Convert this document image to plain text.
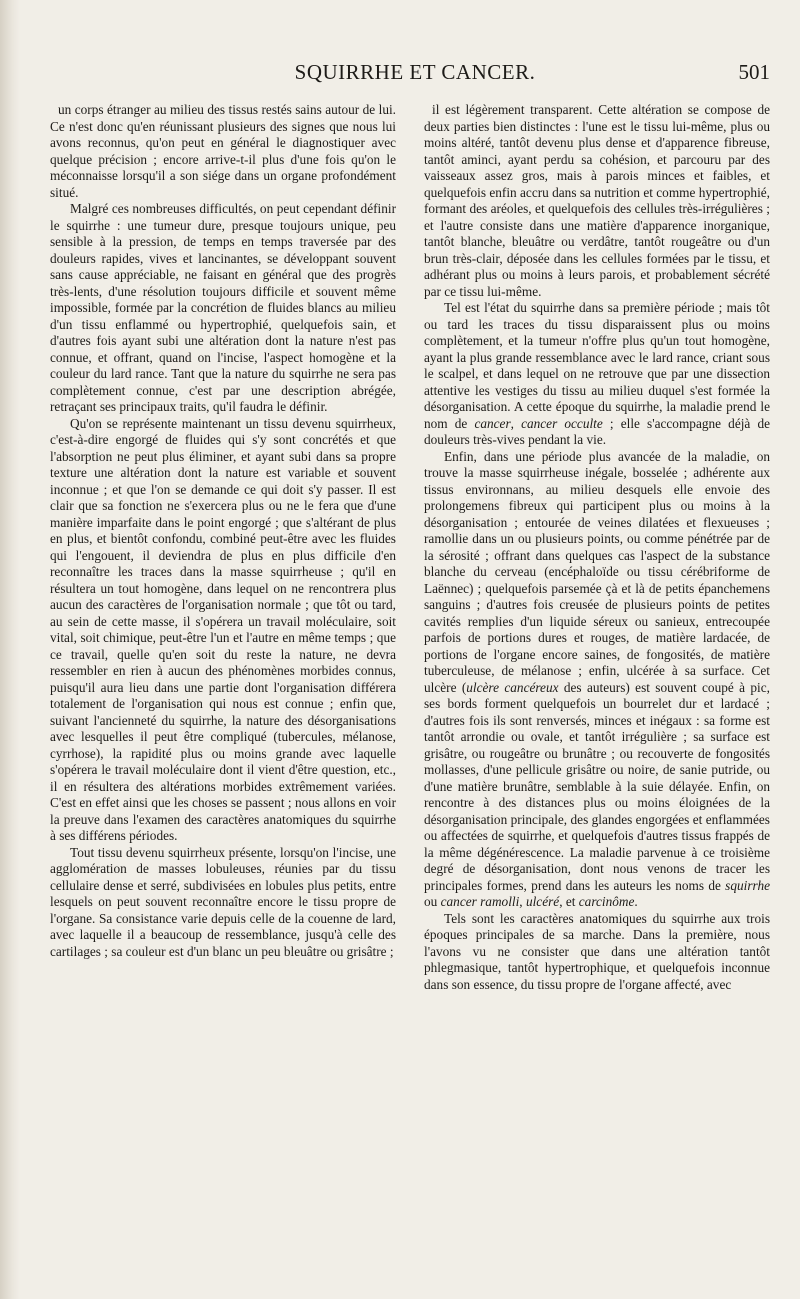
SQUIRRHE ET CANCER.	501

un corps étranger au milieu des tissus restés sains autour de lui. Ce n'est donc qu'en réunissant plusieurs des signes que nous lui avons reconnus, qu'on peut en général le diagnostiquer avec quelque précision ; encore arrive-t-il plus d'une fois qu'on le méconnaisse lorsqu'il a son siége dans un organe profondément situé.

Malgré ces nombreuses difficultés, on peut cependant définir le squirrhe : une tumeur dure, presque toujours unique, peu sensible à la pression, de temps en temps traversée par des douleurs rapides, vives et lancinantes, se développant souvent sans cause appréciable, ne faisant en général que des progrès très-lents, d'une résolution toujours difficile et souvent même impossible, formée par la concrétion de fluides blancs au milieu d'un tissu enflammé ou hypertrophié, quelquefois sain, et d'autres fois ayant subi une altération dont la nature n'est pas connue, et offrant, quand on l'incise, l'aspect homogène et la couleur du lard rance. Tant que la nature du squirrhe ne sera pas complètement connue, c'est par une description abrégée, retraçant ses principaux traits, qu'il faudra le définir.

Qu'on se représente maintenant un tissu devenu squirrheux, c'est-à-dire engorgé de fluides qui s'y sont concrétés et que l'absorption ne peut plus éliminer, et ayant subi dans sa propre texture une altération dont la nature est variable et souvent inconnue ; et que l'on se demande ce qui doit s'y passer. Il est clair que sa fonction ne s'exercera plus ou ne le fera que d'une manière imparfaite dans le point engorgé ; que s'altérant de plus en plus, et bientôt confondu, combiné peut-être avec les fluides qui l'engouent, il deviendra de plus en plus difficile d'en reconnaître les traces dans la masse squirrheuse ; qu'il en résultera un tout homogène, dans lequel on ne rencontrera plus aucun des caractères de l'organisation normale ; que tôt ou tard, au sein de cette masse, il s'opérera un travail moléculaire, soit vital, soit chimique, peut-être l'un et l'autre en même temps ; que ce travail, quelle qu'en soit du reste la nature, ne devra ressembler en rien à aucun des phénomènes morbides connus, puisqu'il aura lieu dans une partie dont l'organisation différera totalement de l'organisation qui nous est connue ; enfin que, suivant l'ancienneté du squirrhe, la nature des désorganisations avec lesquelles il peut être compliqué (tubercules, mélanose, cyrrhose), la rapidité plus ou moins grande avec laquelle s'opérera le travail moléculaire dont il vient d'être question, etc., il en résultera des altérations morbides extrêmement variées. C'est en effet ainsi que les choses se passent ; nous allons en voir la preuve dans l'examen des caractères anatomiques du squirrhe à ses différens périodes.

Tout tissu devenu squirrheux présente, lorsqu'on l'incise, une agglomération de masses lobuleuses, réunies par du tissu cellulaire dense et serré, subdivisées en lobules plus petits, entre lesquels on peut souvent reconnaître encore le tissu propre de l'organe. Sa consistance varie depuis celle de la couenne de lard, avec laquelle il a beaucoup de ressemblance, jusqu'à celle des cartilages ; sa couleur est d'un blanc un peu bleuâtre ou grisâtre ;

il est légèrement transparent. Cette altération se compose de deux parties bien distinctes : l'une est le tissu lui-même, plus ou moins altéré, tantôt devenu plus dense et d'apparence fibreuse, tantôt aminci, ayant perdu sa cohésion, et parcouru par des vaisseaux assez gros, mais à parois minces et faibles, et quelquefois enfin accru dans sa nutrition et comme hypertrophié, formant des aréoles, et quelquefois des cellules très-irrégulières ; et l'autre consiste dans une matière d'apparence inorganique, tantôt blanche, bleuâtre ou verdâtre, tantôt rougeâtre ou d'un brun très-clair, déposée dans les cellules formées par le tissu, et adhérant plus ou moins à leurs parois, et probablement sécrété par ce tissu lui-même.

Tel est l'état du squirrhe dans sa première période ; mais tôt ou tard les traces du tissu disparaissent plus ou moins complètement, et la tumeur n'offre plus qu'un tout homogène, ayant la plus grande ressemblance avec le lard rance, criant sous le scalpel, et dans lequel on ne retrouve que par une dissection attentive les vestiges du tissu au milieu duquel s'est formée la désorganisation. A cette époque du squirrhe, la maladie prend le nom de cancer, cancer occulte ; elle s'accompagne déjà de douleurs très-vives pendant la vie.

Enfin, dans une période plus avancée de la maladie, on trouve la masse squirrheuse inégale, bosselée ; adhérente aux tissus environnans, au milieu desquels elle envoie des prolongemens fibreux qui participent plus ou moins à la désorganisation ; entourée de veines dilatées et flexueuses ; ramollie dans un ou plusieurs points, ou comme pénétrée par de la sérosité ; offrant dans quelques cas l'aspect de la substance blanche du cerveau (encéphaloïde ou tissu cérébriforme de Laënnec) ; quelquefois parsemée çà et là de petits épanchemens sanguins ; d'autres fois creusée de plusieurs points de petites cavités remplies d'un liquide séreux ou sanieux, entrecoupée parfois de portions dures et rouges, de matière lardacée, de portions de l'organe encore saines, de fongosités, de matière tuberculeuse, de mélanose ; enfin, ulcérée à sa surface. Cet ulcère (ulcère cancéreux des auteurs) est souvent coupé à pic, ses bords forment quelquefois un bourrelet dur et lardacé ; d'autres fois ils sont renversés, minces et inégaux : sa forme est tantôt arrondie ou ovale, et tantôt irrégulière ; sa surface est grisâtre, ou rougeâtre ou brunâtre ; ou recouverte de fongosités mollasses, d'une pellicule grisâtre ou noire, de sanie putride, ou d'une matière brunâtre, semblable à la suie délayée. Enfin, on rencontre à des distances plus ou moins éloignées de la désorganisation principale, des glandes engorgées et enflammées ou affectées de squirrhe, et quelquefois d'autres tissus frappés de la même dégénérescence. La maladie parvenue à ce troisième degré de désorganisation, dont nous venons de tracer les principales formes, prend dans les auteurs les noms de squirrhe ou cancer ramolli, ulcéré, et carcinôme.

Tels sont les caractères anatomiques du squirrhe aux trois époques principales de sa marche. Dans la première, nous l'avons vu ne consister que dans une altération tantôt phlegmasique, tantôt hypertrophique, et quelquefois inconnue dans son essence, du tissu propre de l'organe affecté, avec
